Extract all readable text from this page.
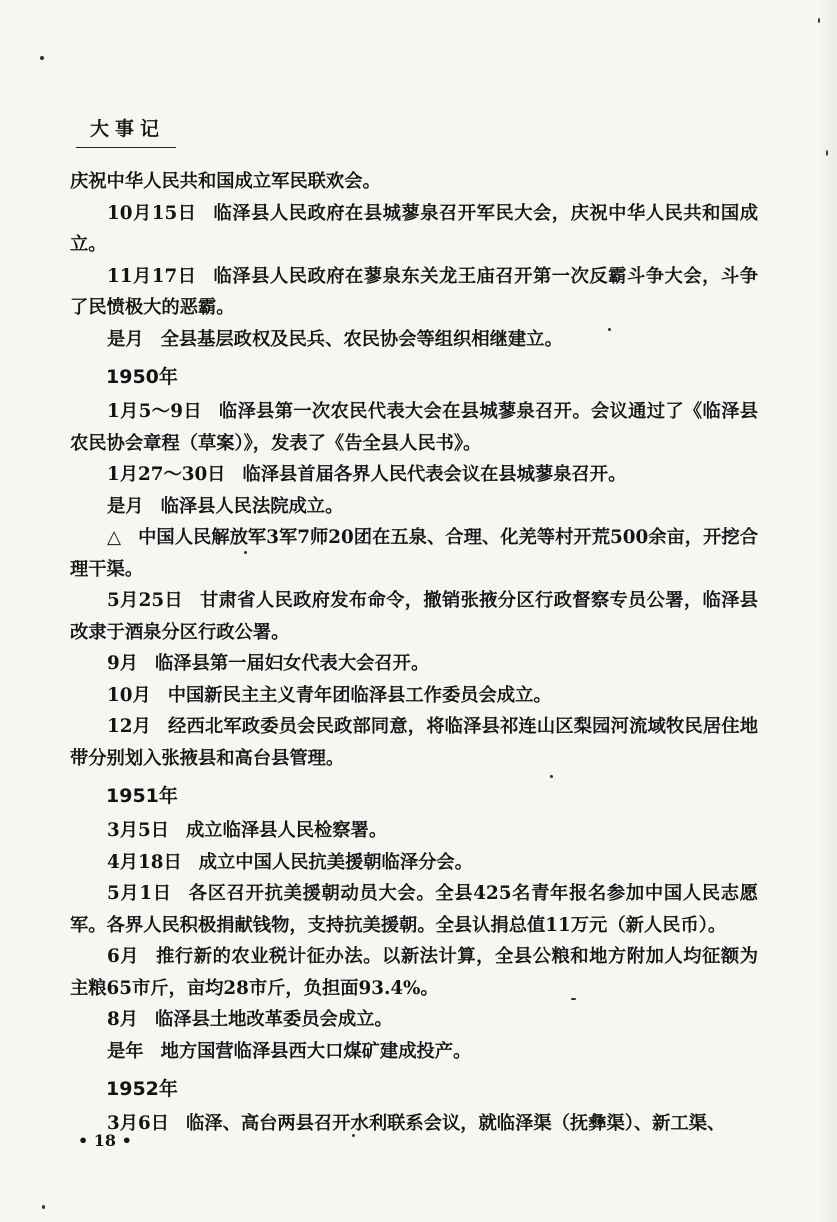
大事记

庆祝中华人民共和国成立军民联欢会。

10月15日 临泽县人民政府在县城蓼泉召开军民大会，庆祝中华人民共和国成立。

11月17日 临泽县人民政府在蓼泉东关龙王庙召开第一次反霸斗争大会，斗争了民愤极大的恶霸。

是月 全县基层政权及民兵、农民协会等组织相继建立。

1950年

1月5～9日 临泽县第一次农民代表大会在县城蓼泉召开。会议通过了《临泽县农民协会章程（草案）》，发表了《告全县人民书》。

1月27～30日 临泽县首届各界人民代表会议在县城蓼泉召开。

是月 临泽县人民法院成立。

△ 中国人民解放军3军7师20团在五泉、合理、化羌等村开荒500余亩，开挖合理干渠。

5月25日 甘肃省人民政府发布命令，撤销张掖分区行政督察专员公署，临泽县改隶于酒泉分区行政公署。

9月 临泽县第一届妇女代表大会召开。

10月 中国新民主主义青年团临泽县工作委员会成立。

12月 经西北军政委员会民政部同意，将临泽县祁连山区梨园河流域牧民居住地带分别划入张掖县和高台县管理。

1951年

3月5日 成立临泽县人民检察署。

4月18日 成立中国人民抗美援朝临泽分会。

5月1日 各区召开抗美援朝动员大会。全县425名青年报名参加中国人民志愿军。各界人民积极捐献钱物，支持抗美援朝。全县认捐总值11万元（新人民币）。

6月 推行新的农业税计征办法。以新法计算，全县公粮和地方附加人均征额为主粮65市斤，亩均28市斤，负担面93.4%。

8月 临泽县土地改革委员会成立。

是年 地方国营临泽县西大口煤矿建成投产。

1952年

3月6日 临泽、高台两县召开水利联系会议，就临泽渠（抚彝渠）、新工渠、

• 18 •
